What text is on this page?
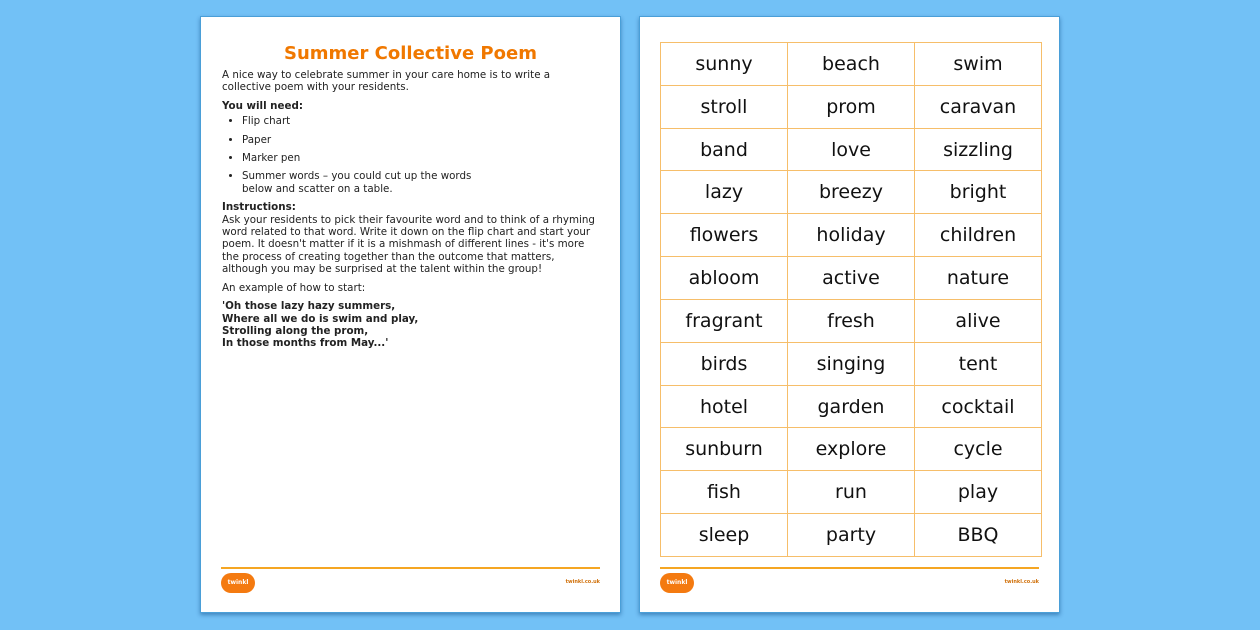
Summer Collective Poem

A nice way to celebrate summer in your care home is to write a collective poem with your residents.

You will need:

• Flip chart
• Paper
• Marker pen
• Summer words – you could cut up the words below and scatter on a table.

Instructions:

Ask your residents to pick their favourite word and to think of a rhyming word related to that word. Write it down on the flip chart and start your poem. It doesn't matter if it is a mishmash of different lines - it's more the process of creating together than the outcome that matters, although you may be surprised at the talent within the group!

An example of how to start:

'Oh those lazy hazy summers,
Where all we do is swim and play,
Strolling along the prom,
In those months from May...'
twinkl	twinkl.co.uk
sunny	beach	swim
stroll	prom	caravan
band	love	sizzling
lazy	breezy	bright
flowers	holiday	children
abloom	active	nature
fragrant	fresh	alive
birds	singing	tent
hotel	garden	cocktail
sunburn	explore	cycle
fish	run	play
sleep	party	BBQ
twinkl	twinkl.co.uk
